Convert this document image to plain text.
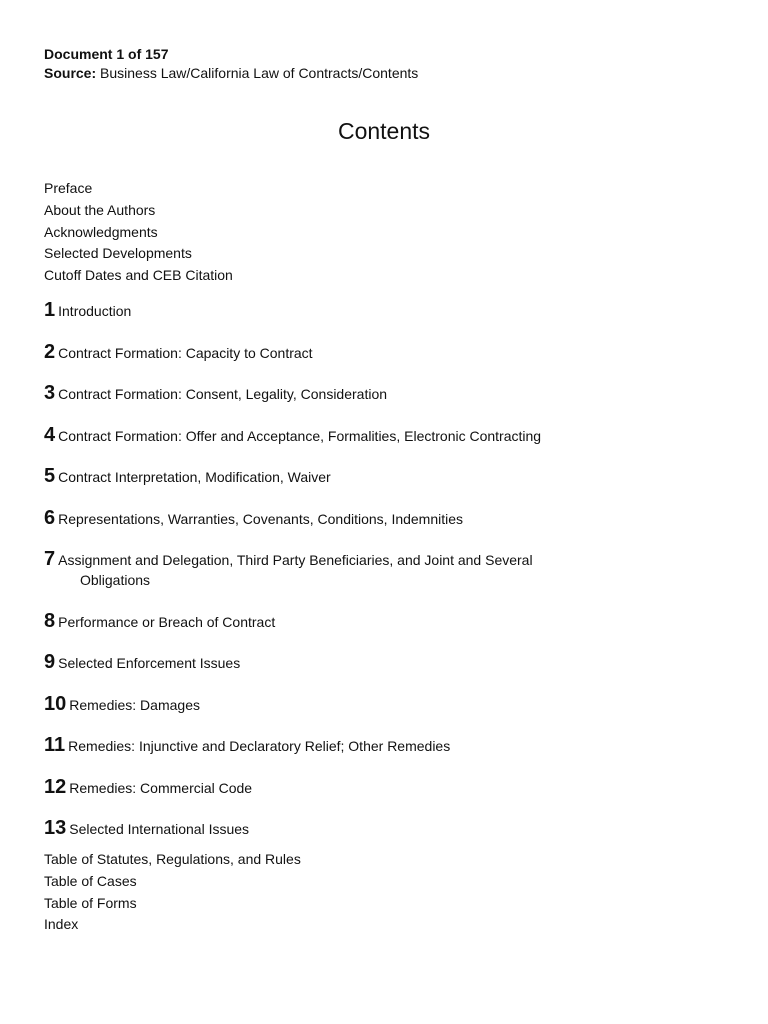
Document 1 of 157
Source: Business Law/California Law of Contracts/Contents
Contents
Preface
About the Authors
Acknowledgments
Selected Developments
Cutoff Dates and CEB Citation
1 Introduction
2 Contract Formation: Capacity to Contract
3 Contract Formation: Consent, Legality, Consideration
4 Contract Formation: Offer and Acceptance, Formalities, Electronic Contracting
5 Contract Interpretation, Modification, Waiver
6 Representations, Warranties, Covenants, Conditions, Indemnities
7 Assignment and Delegation, Third Party Beneficiaries, and Joint and Several
Obligations
8 Performance or Breach of Contract
9 Selected Enforcement Issues
10 Remedies: Damages
11 Remedies: Injunctive and Declaratory Relief; Other Remedies
12 Remedies: Commercial Code
13 Selected International Issues
Table of Statutes, Regulations, and Rules
Table of Cases
Table of Forms
Index
